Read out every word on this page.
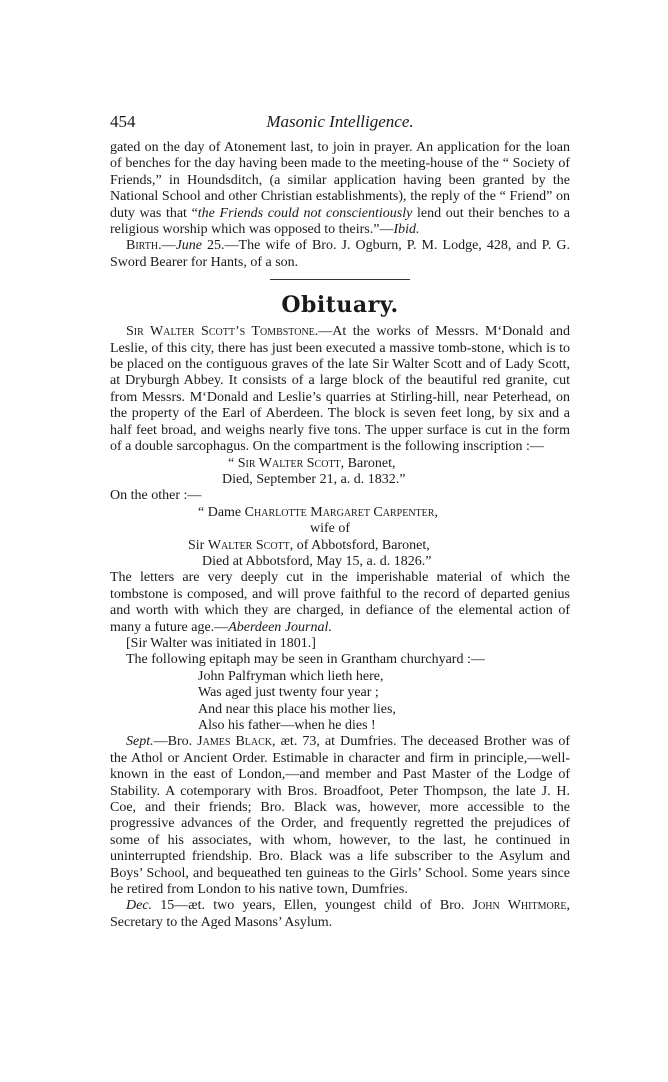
454	Masonic Intelligence.

gated on the day of Atonement last, to join in prayer. An application for the loan of benches for the day having been made to the meeting-house of the “ Society of Friends,” in Houndsditch, (a similar application having been granted by the National School and other Christian establishments), the reply of the “ Friend” on duty was that “the Friends could not conscientiously lend out their benches to a religious worship which was opposed to theirs.”—Ibid.

Birth.—June 25.—The wife of Bro. J. Ogburn, P. M. Lodge, 428, and P. G. Sword Bearer for Hants, of a son.

Obituary.

Sir Walter Scott’s Tombstone.—At the works of Messrs. M‘Donald and Leslie, of this city, there has just been executed a massive tomb-stone, which is to be placed on the contiguous graves of the late Sir Walter Scott and of Lady Scott, at Dryburgh Abbey. It consists of a large block of the beautiful red granite, cut from Messrs. M‘Donald and Leslie’s quarries at Stirling-hill, near Peterhead, on the property of the Earl of Aberdeen. The block is seven feet long, by six and a half feet broad, and weighs nearly five tons. The upper surface is cut in the form of a double sarcophagus. On the compartment is the following inscription :—

“ Sir Walter Scott, Baronet,

Died, September 21, a. d. 1832.”

On the other :—

“ Dame Charlotte Margaret Carpenter,

wife of

Sir Walter Scott, of Abbotsford, Baronet,

Died at Abbotsford, May 15, a. d. 1826.”

The letters are very deeply cut in the imperishable material of which the tombstone is composed, and will prove faithful to the record of departed genius and worth with which they are charged, in defiance of the elemental action of many a future age.—Aberdeen Journal.

[Sir Walter was initiated in 1801.]

The following epitaph may be seen in Grantham churchyard :—

John Palfryman which lieth here,

Was aged just twenty four year ;

And near this place his mother lies,

Also his father—when he dies !

Sept.—Bro. James Black, æt. 73, at Dumfries. The deceased Brother was of the Athol or Ancient Order. Estimable in character and firm in principle,—well-known in the east of London,—and member and Past Master of the Lodge of Stability. A cotemporary with Bros. Broadfoot, Peter Thompson, the late J. H. Coe, and their friends; Bro. Black was, however, more accessible to the progressive advances of the Order, and frequently regretted the prejudices of some of his associates, with whom, however, to the last, he continued in uninterrupted friendship. Bro. Black was a life subscriber to the Asylum and Boys’ School, and bequeathed ten guineas to the Girls’ School. Some years since he retired from London to his native town, Dumfries.

Dec. 15—æt. two years, Ellen, youngest child of Bro. John Whitmore, Secretary to the Aged Masons’ Asylum.
